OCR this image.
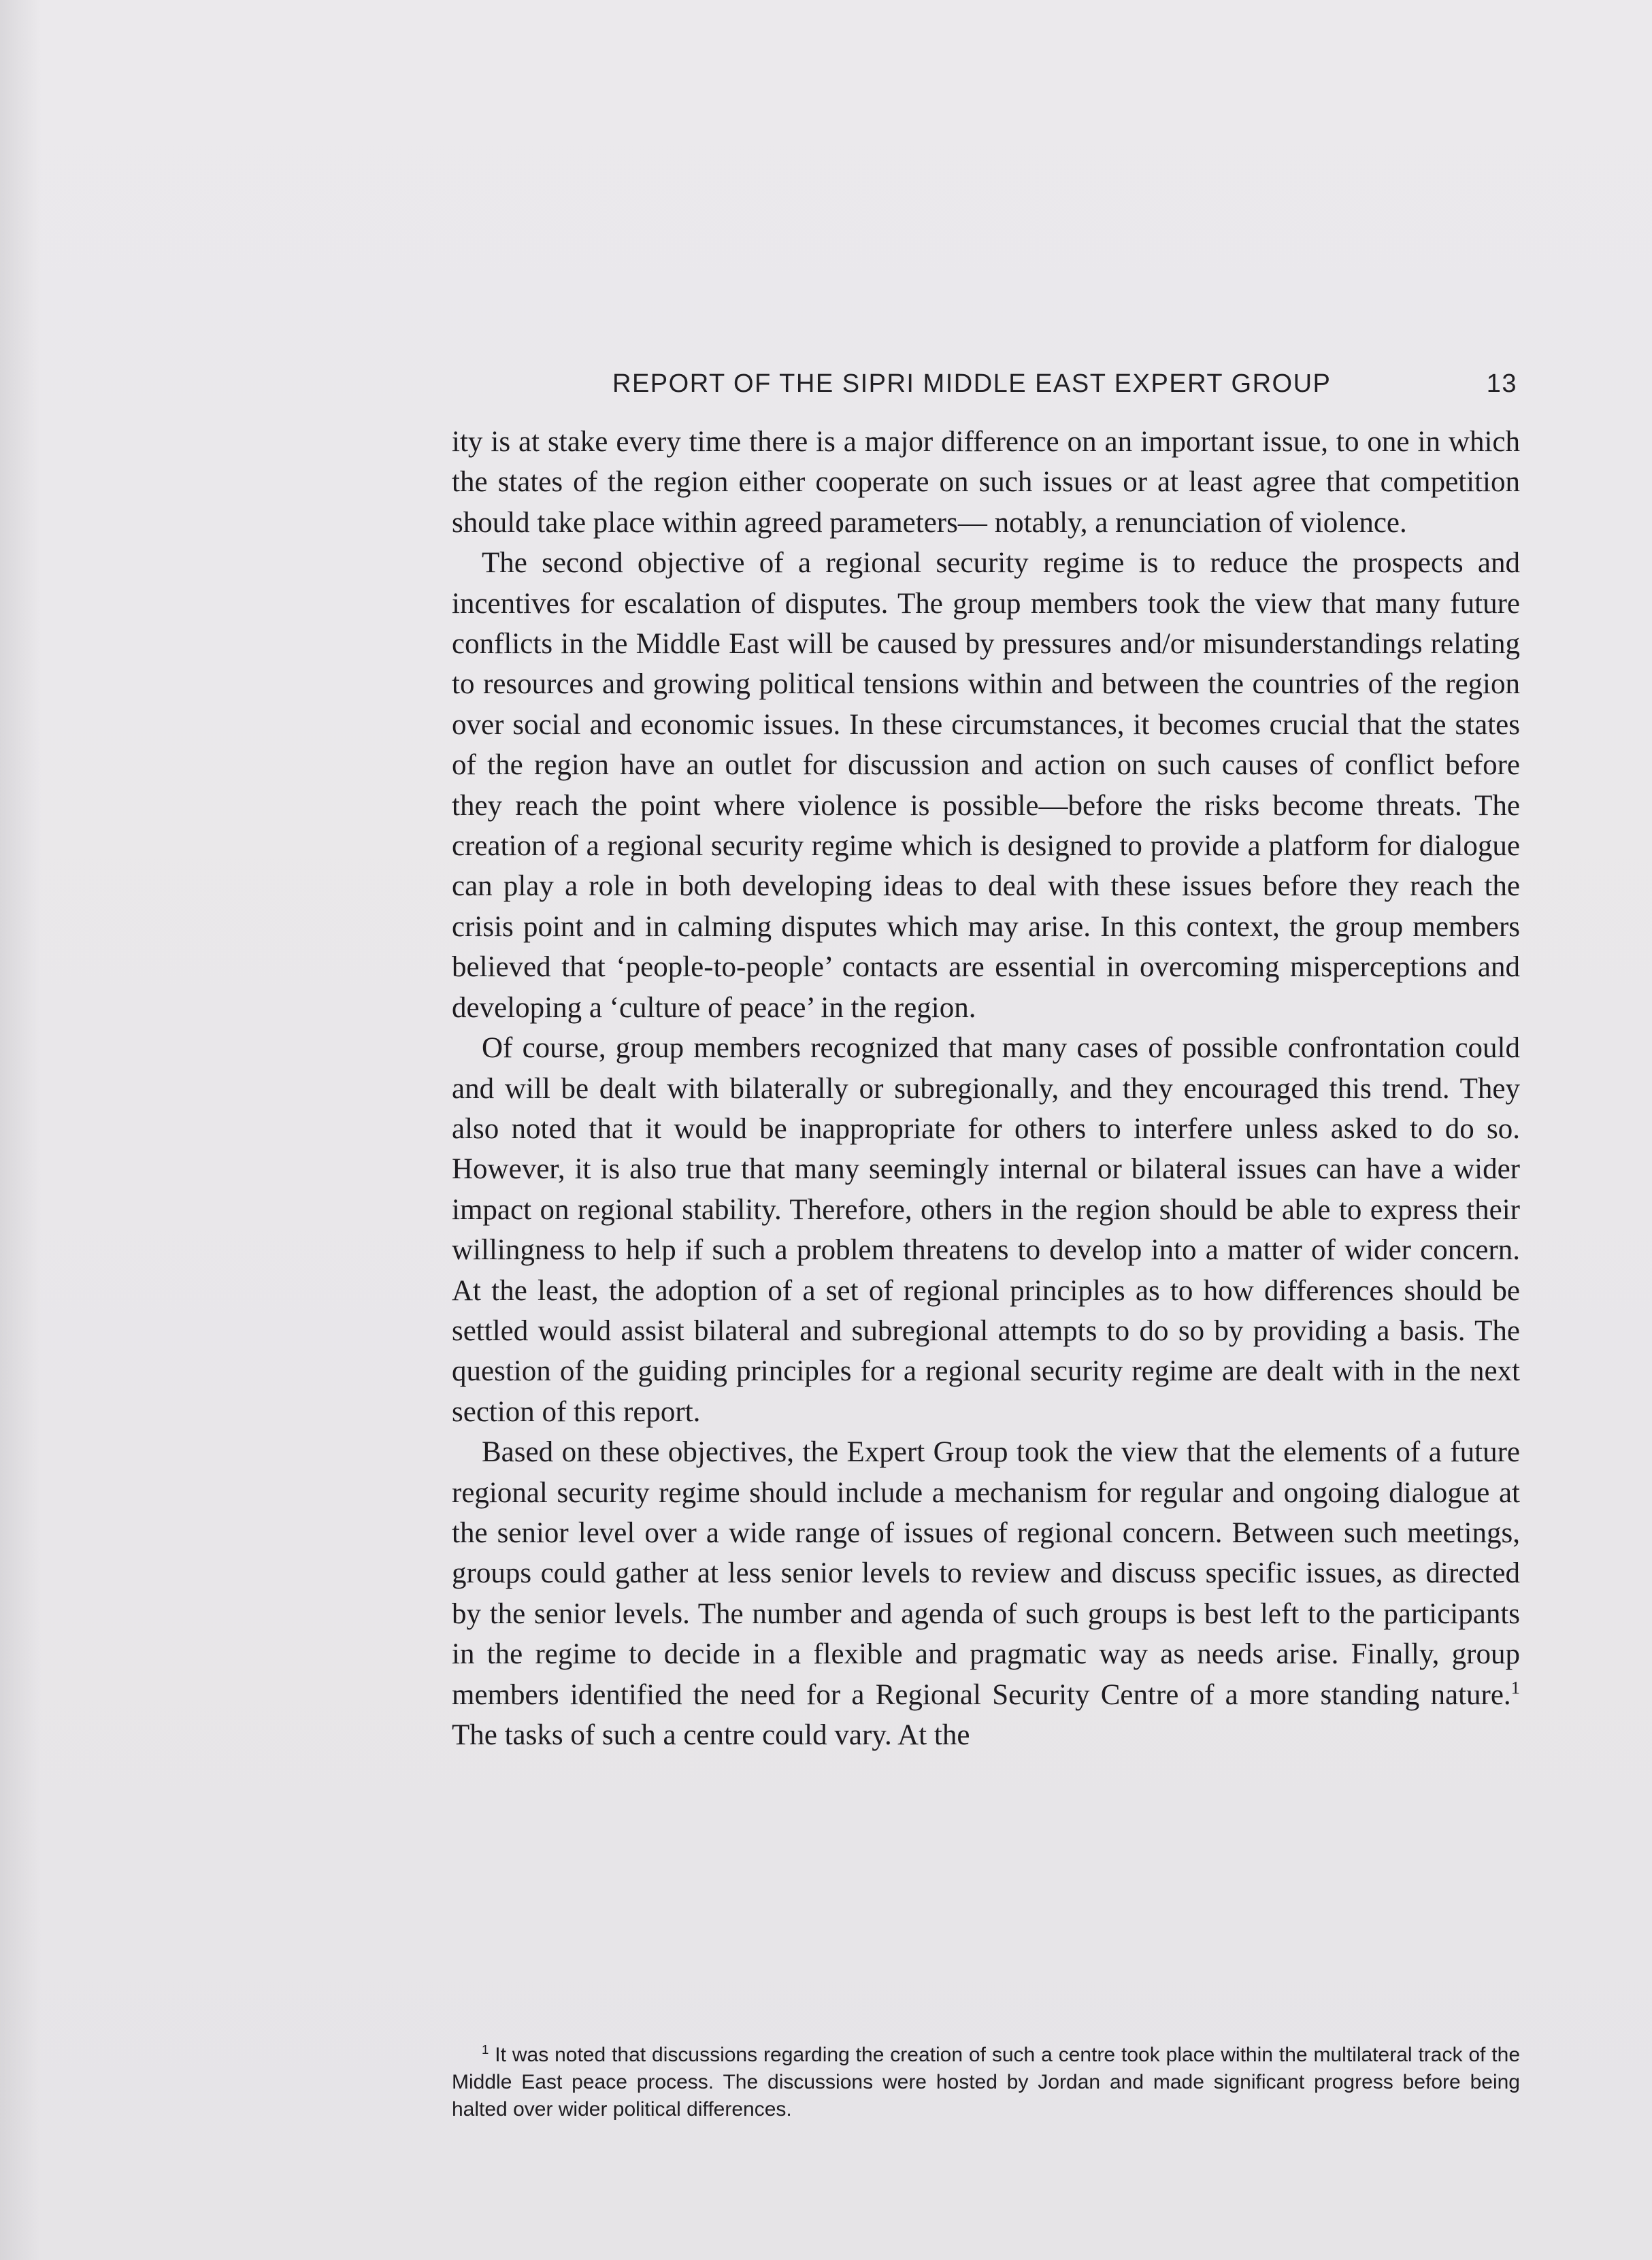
REPORT OF THE SIPRI MIDDLE EAST EXPERT GROUP	13

ity is at stake every time there is a major difference on an important issue, to one in which the states of the region either cooperate on such issues or at least agree that competition should take place within agreed parameters— notably, a renunciation of violence.

The second objective of a regional security regime is to reduce the prospects and incentives for escalation of disputes. The group members took the view that many future conflicts in the Middle East will be caused by pressures and/or misunderstandings relating to resources and growing political tensions within and between the countries of the region over social and economic issues. In these circumstances, it becomes crucial that the states of the region have an outlet for discussion and action on such causes of conflict before they reach the point where violence is possible—before the risks become threats. The creation of a regional security regime which is designed to provide a platform for dialogue can play a role in both developing ideas to deal with these issues before they reach the crisis point and in calming disputes which may arise. In this context, the group members believed that ‘people-to-people’ contacts are essential in overcoming misperceptions and developing a ‘culture of peace’ in the region.

Of course, group members recognized that many cases of possible confrontation could and will be dealt with bilaterally or subregionally, and they encouraged this trend. They also noted that it would be inappropriate for others to interfere unless asked to do so. However, it is also true that many seemingly internal or bilateral issues can have a wider impact on regional stability. Therefore, others in the region should be able to express their willingness to help if such a problem threatens to develop into a matter of wider concern. At the least, the adoption of a set of regional principles as to how differences should be settled would assist bilateral and subregional attempts to do so by providing a basis. The question of the guiding principles for a regional security regime are dealt with in the next section of this report.

Based on these objectives, the Expert Group took the view that the elements of a future regional security regime should include a mechanism for regular and ongoing dialogue at the senior level over a wide range of issues of regional concern. Between such meetings, groups could gather at less senior levels to review and discuss specific issues, as directed by the senior levels. The number and agenda of such groups is best left to the participants in the regime to decide in a flexible and pragmatic way as needs arise. Finally, group members identified the need for a Regional Security Centre of a more standing nature.$^1$ The tasks of such a centre could vary. At the

$^1$ It was noted that discussions regarding the creation of such a centre took place within the multilateral track of the Middle East peace process. The discussions were hosted by Jordan and made significant progress before being halted over wider political differences.
